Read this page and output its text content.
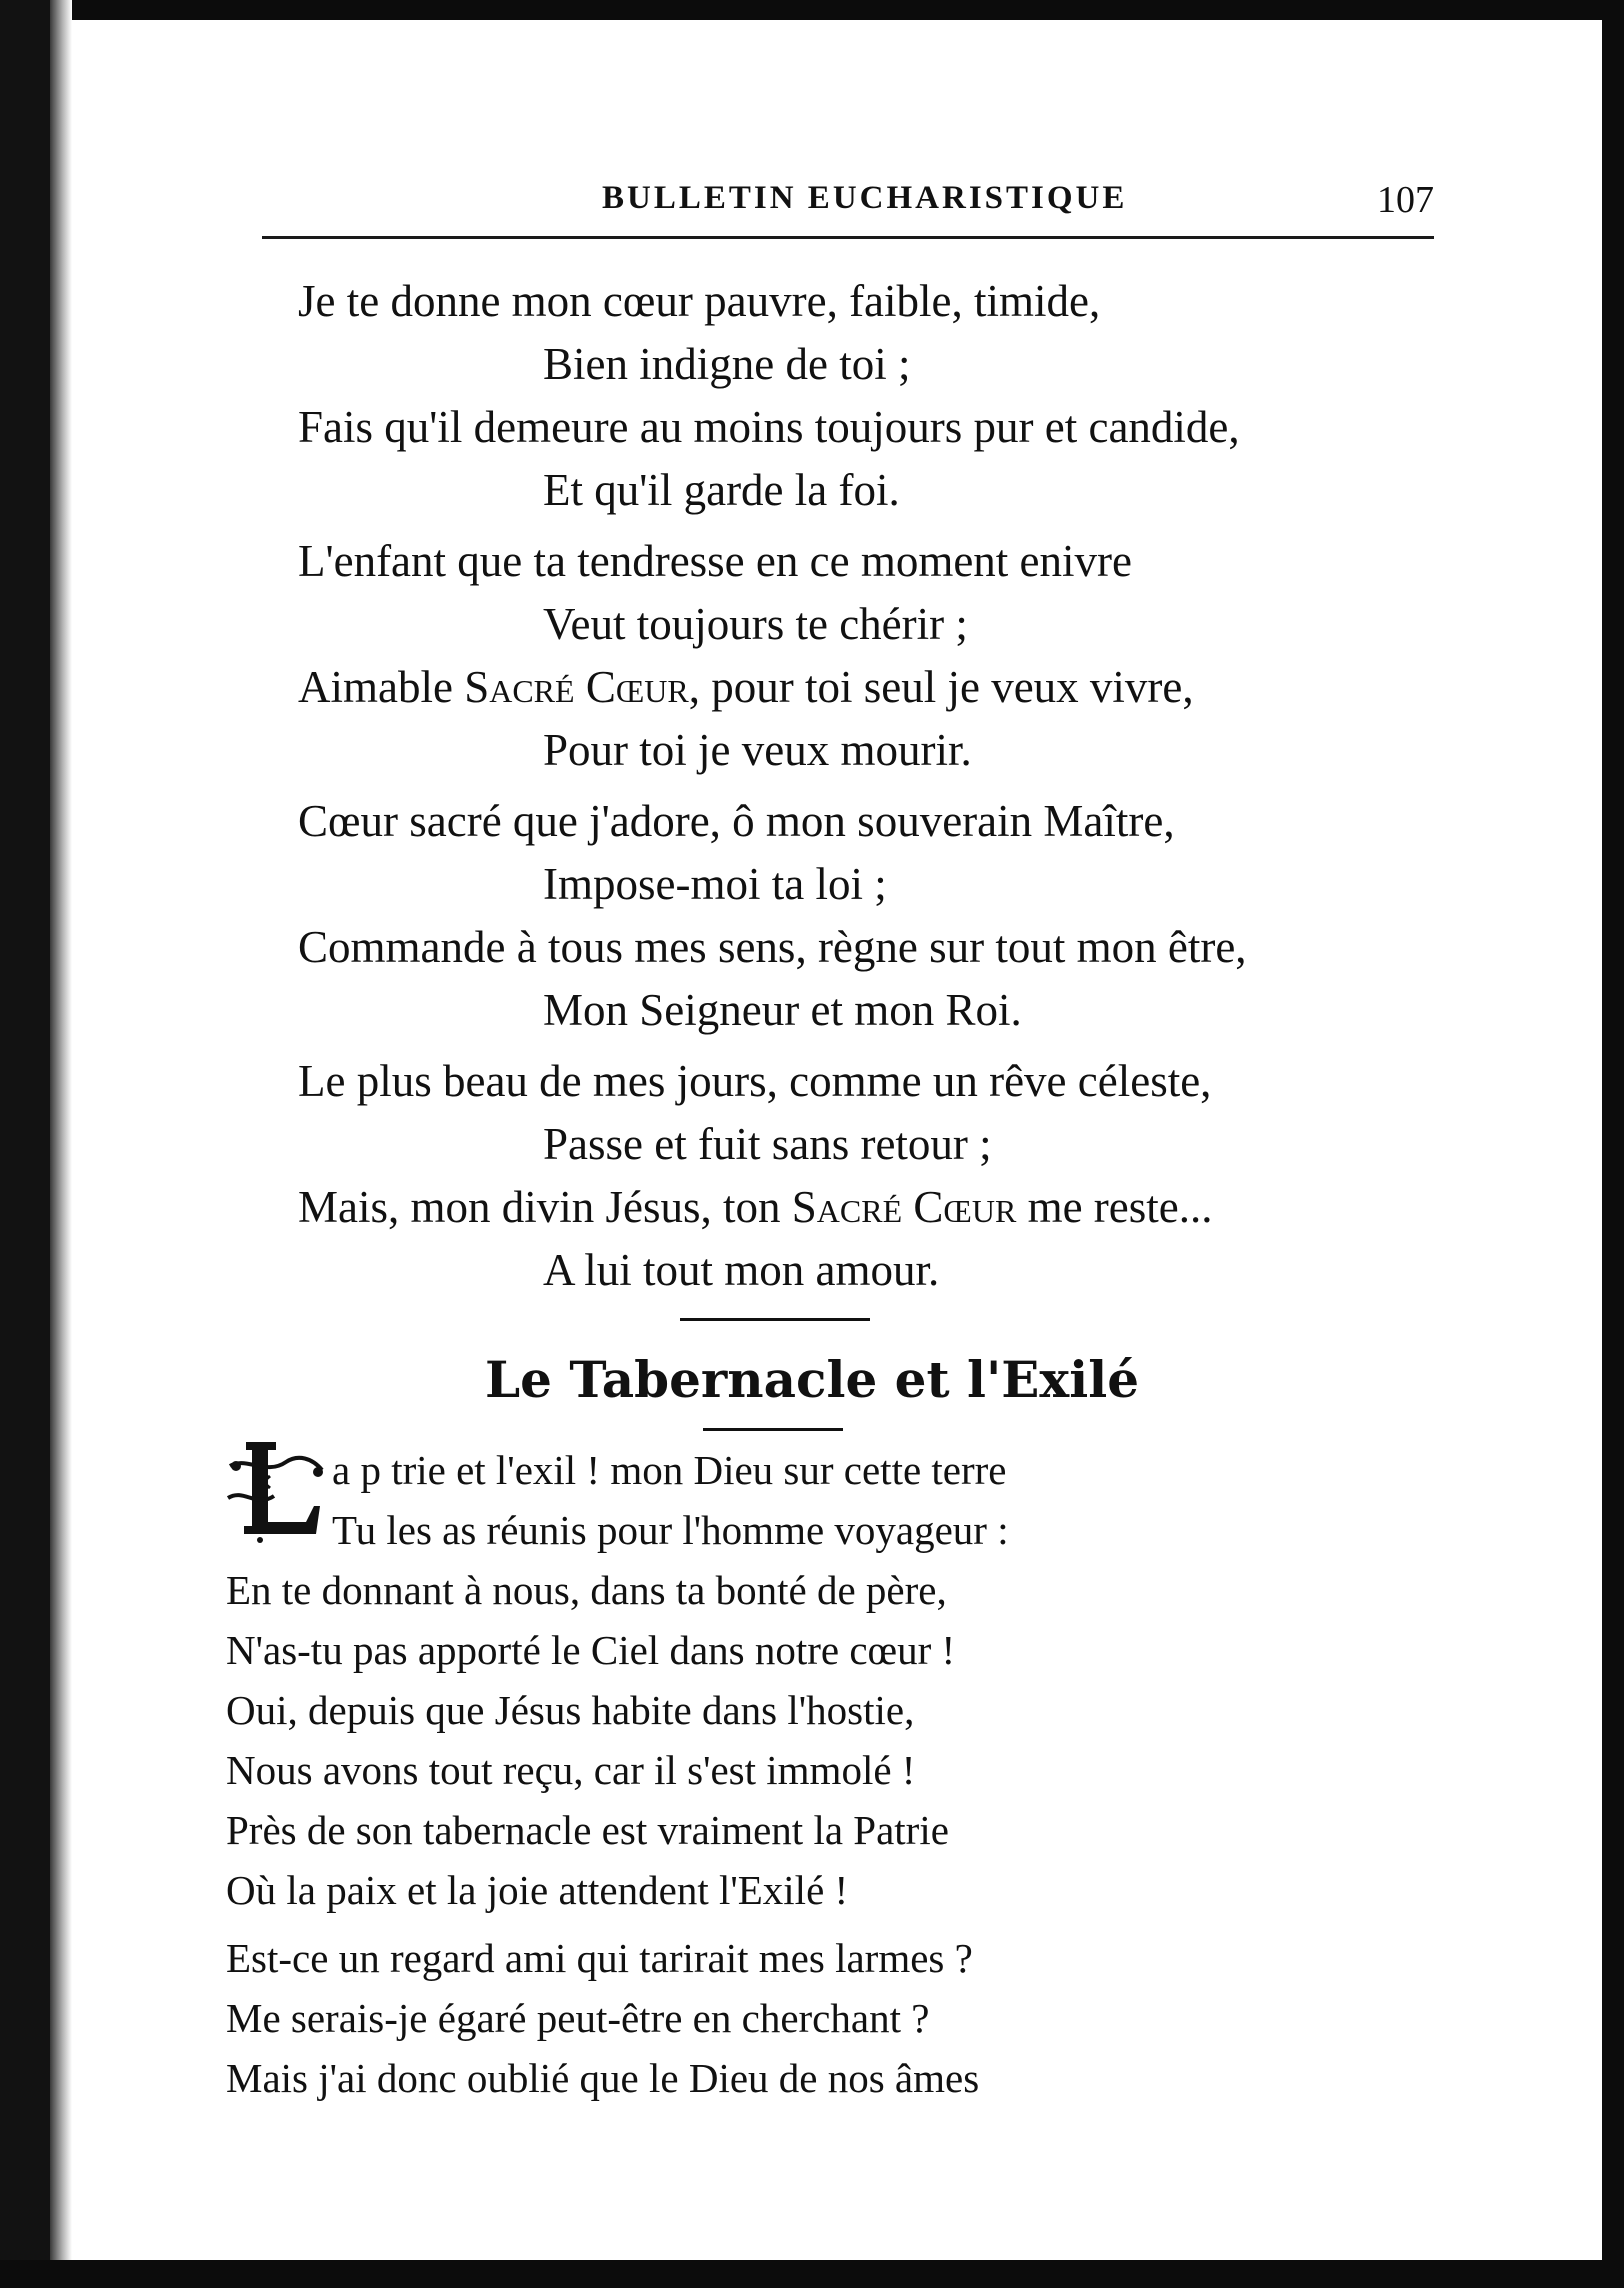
BULLETIN EUCHARISTIQUE	107
Je te donne mon cœur pauvre, faible, timide,
Bien indigne de toi ;
Fais qu'il demeure au moins toujours pur et candide,
Et qu'il garde la foi.
L'enfant que ta tendresse en ce moment enivre
Veut toujours te chérir ;
Aimable Sacré Cœur, pour toi seul je veux vivre,
Pour toi je veux mourir.
Cœur sacré que j'adore, ô mon souverain Maître,
Impose-moi ta loi ;
Commande à tous mes sens, règne sur tout mon être,
Mon Seigneur et mon Roi.
Le plus beau de mes jours, comme un rêve céleste,
Passe et fuit sans retour ;
Mais, mon divin Jésus, ton Sacré Cœur me reste...
A lui tout mon amour.
Le Tabernacle et l'Exilé
a p trie et l'exil ! mon Dieu sur cette terre
Tu les as réunis pour l'homme voyageur :
En te donnant à nous, dans ta bonté de père,
N'as-tu pas apporté le Ciel dans notre cœur !
Oui, depuis que Jésus habite dans l'hostie,
Nous avons tout reçu, car il s'est immolé !
Près de son tabernacle est vraiment la Patrie
Où la paix et la joie attendent l'Exilé !
Est-ce un regard ami qui tarirait mes larmes ?
Me serais-je égaré peut-être en cherchant ?
Mais j'ai donc oublié que le Dieu de nos âmes
